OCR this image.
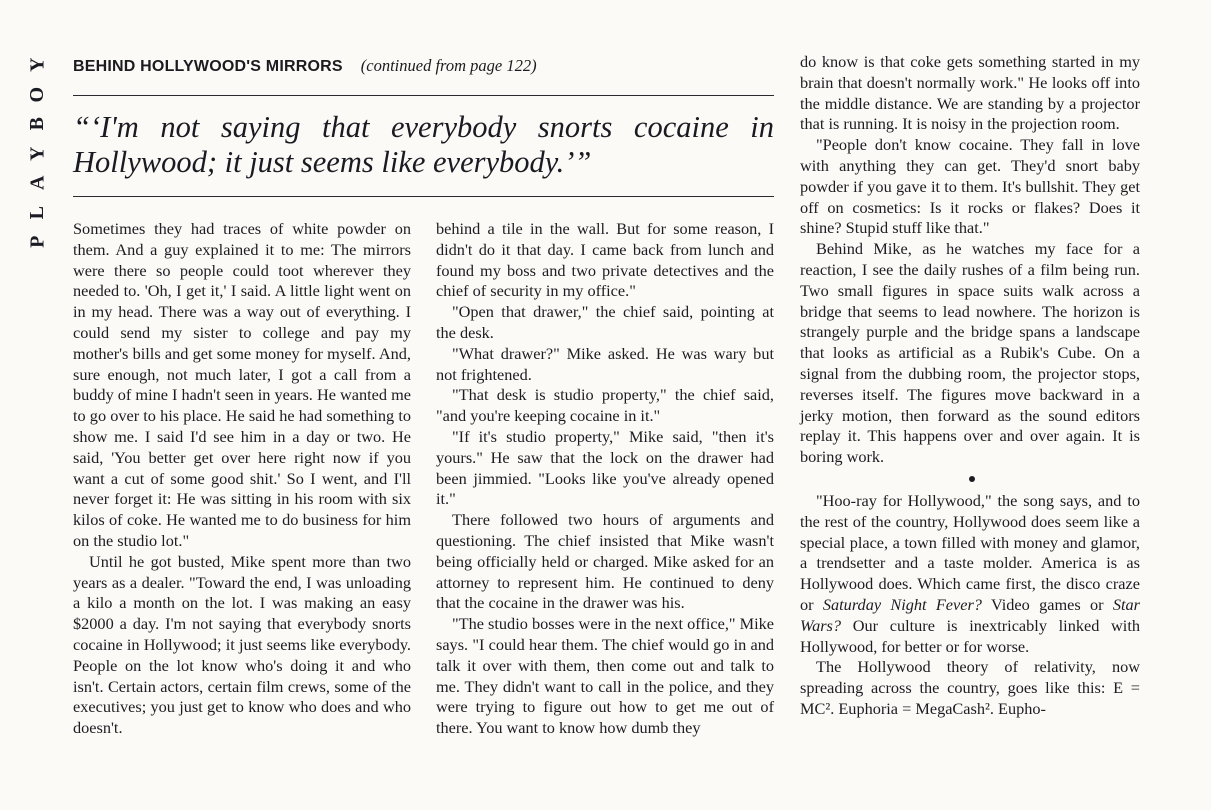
Y
O
B
Y
A
L
P
BEHIND HOLLYWOOD'S MIRRORS (continued from page 122)

“‘I'm not saying that everybody snorts cocaine in Hollywood; it just seems like everybody.’”

Sometimes they had traces of white powder on them. And a guy explained it to me: The mirrors were there so people could toot wherever they needed to. 'Oh, I get it,' I said. A little light went on in my head. There was a way out of everything. I could send my sister to college and pay my mother's bills and get some money for myself. And, sure enough, not much later, I got a call from a buddy of mine I hadn't seen in years. He wanted me to go over to his place. He said he had something to show me. I said I'd see him in a day or two. He said, 'You better get over here right now if you want a cut of some good shit.' So I went, and I'll never forget it: He was sitting in his room with six kilos of coke. He wanted me to do business for him on the studio lot."

Until he got busted, Mike spent more than two years as a dealer. "Toward the end, I was unloading a kilo a month on the lot. I was making an easy $2000 a day. I'm not saying that everybody snorts cocaine in Hollywood; it just seems like everybody. People on the lot know who's doing it and who isn't. Certain actors, certain film crews, some of the executives; you just get to know who does and who doesn't.

behind a tile in the wall. But for some reason, I didn't do it that day. I came back from lunch and found my boss and two private detectives and the chief of security in my office."

"Open that drawer," the chief said, pointing at the desk.

"What drawer?" Mike asked. He was wary but not frightened.

"That desk is studio property," the chief said, "and you're keeping cocaine in it."

"If it's studio property," Mike said, "then it's yours." He saw that the lock on the drawer had been jimmied. "Looks like you've already opened it."

There followed two hours of arguments and questioning. The chief insisted that Mike wasn't being officially held or charged. Mike asked for an attorney to represent him. He continued to deny that the cocaine in the drawer was his.

"The studio bosses were in the next office," Mike says. "I could hear them. The chief would go in and talk it over with them, then come out and talk to me. They didn't want to call in the police, and they were trying to figure out how to get me out of there. You want to know how dumb they

do know is that coke gets something started in my brain that doesn't normally work." He looks off into the middle distance. We are standing by a projector that is running. It is noisy in the projection room.

"People don't know cocaine. They fall in love with anything they can get. They'd snort baby powder if you gave it to them. It's bullshit. They get off on cosmetics: Is it rocks or flakes? Does it shine? Stupid stuff like that."

Behind Mike, as he watches my face for a reaction, I see the daily rushes of a film being run. Two small figures in space suits walk across a bridge that seems to lead nowhere. The horizon is strangely purple and the bridge spans a landscape that looks as artificial as a Rubik's Cube. On a signal from the dubbing room, the projector stops, reverses itself. The figures move backward in a jerky motion, then forward as the sound editors replay it. This happens over and over again. It is boring work.

"Hoo-ray for Hollywood," the song says, and to the rest of the country, Hollywood does seem like a special place, a town filled with money and glamor, a trendsetter and a taste molder. America is as Hollywood does. Which came first, the disco craze or Saturday Night Fever? Video games or Star Wars? Our culture is inextricably linked with Hollywood, for better or for worse.

The Hollywood theory of relativity, now spreading across the country, goes like this: E = MC². Euphoria = MegaCash². Eupho-
